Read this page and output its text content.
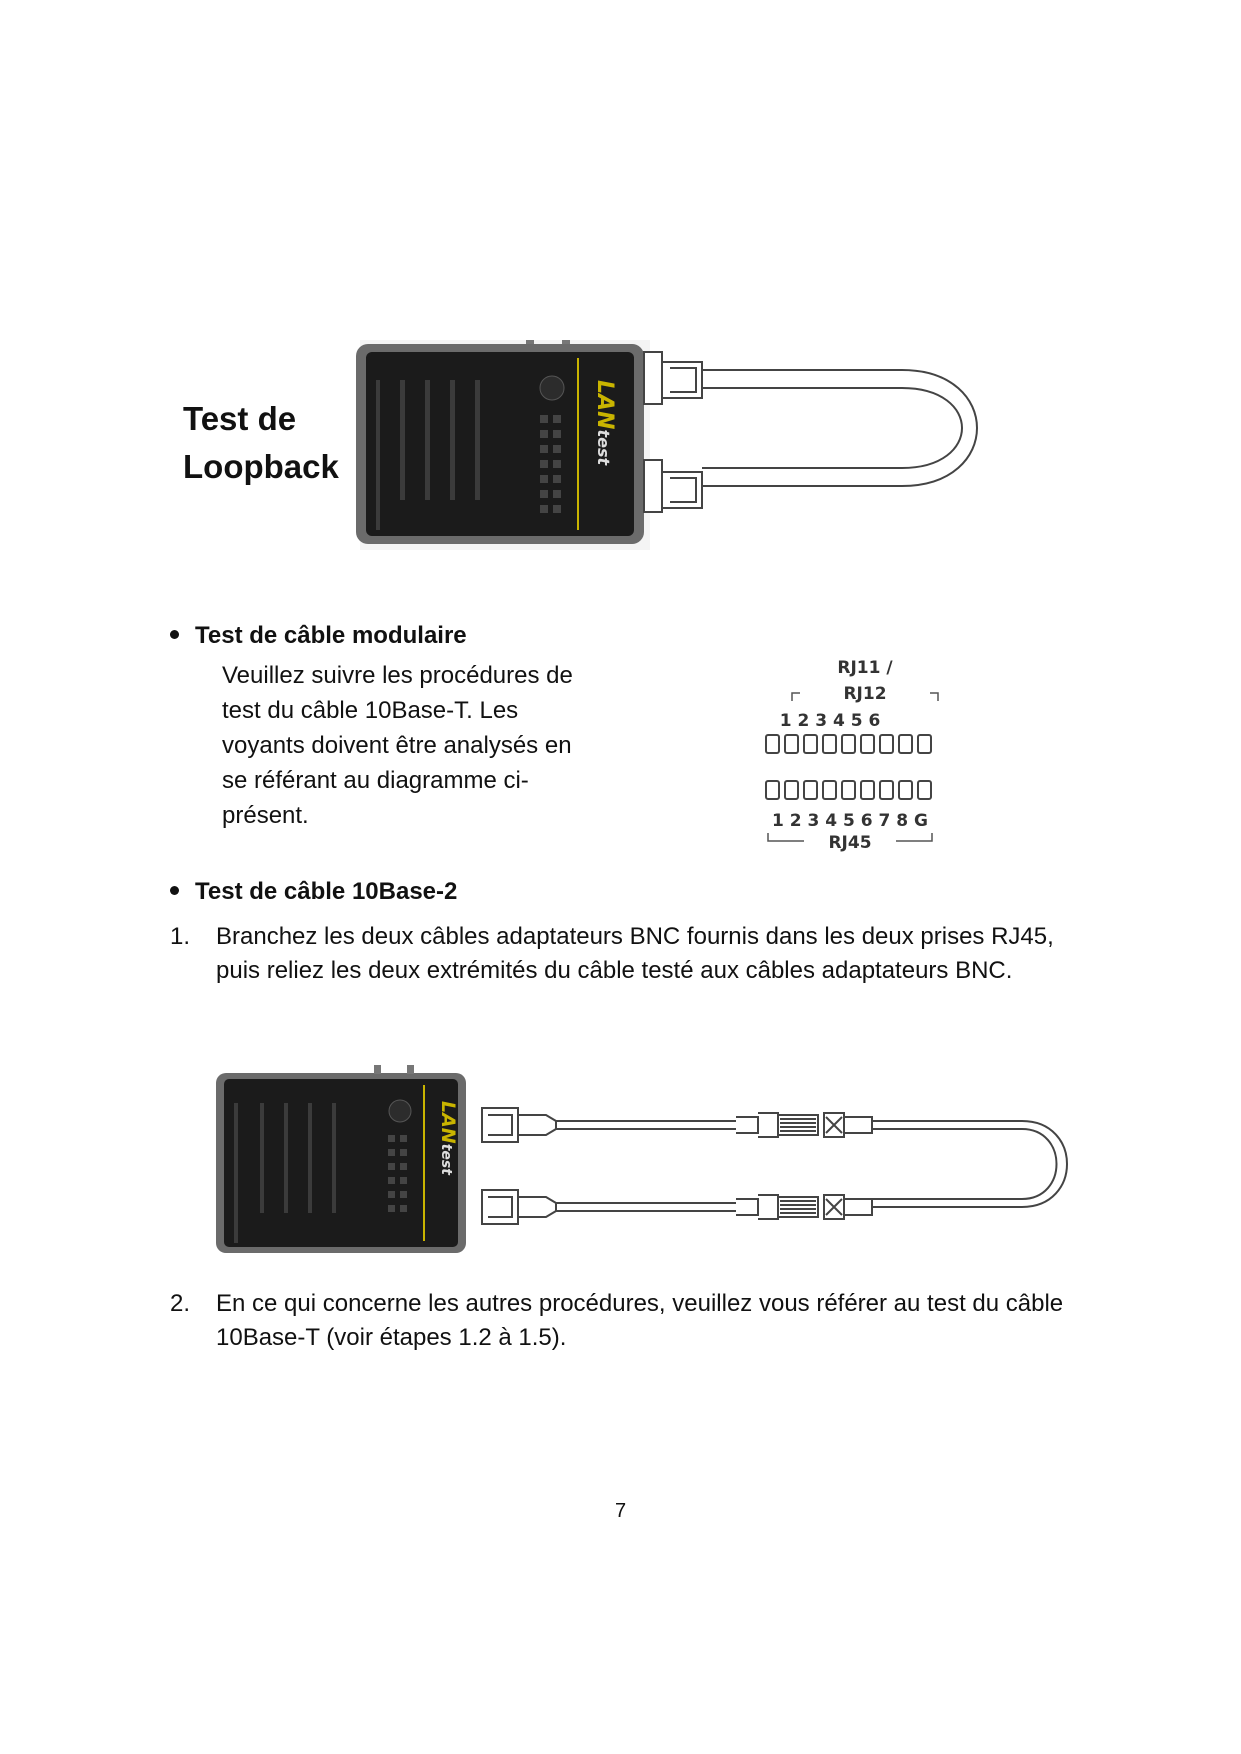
Test de
Loopback
LANtest
Test de câble modulaire
Veuillez suivre les procédures de
test du câble 10Base-T. Les
voyants doivent être analysés en
se référant au diagramme ci-
présent.
RJ11 /
RJ12
1 2 3 4 5 6
1 2 3 4 5 6 7 8 G
RJ45
Test de câble 10Base-2
1. Branchez les deux câbles adaptateurs BNC fournis dans les deux prises RJ45, puis reliez les deux extrémités du câble testé aux câbles adaptateurs BNC.
LANtest
2. En ce qui concerne les autres procédures, veuillez vous référer au test du câble 10Base-T (voir étapes 1.2 à 1.5).
7
